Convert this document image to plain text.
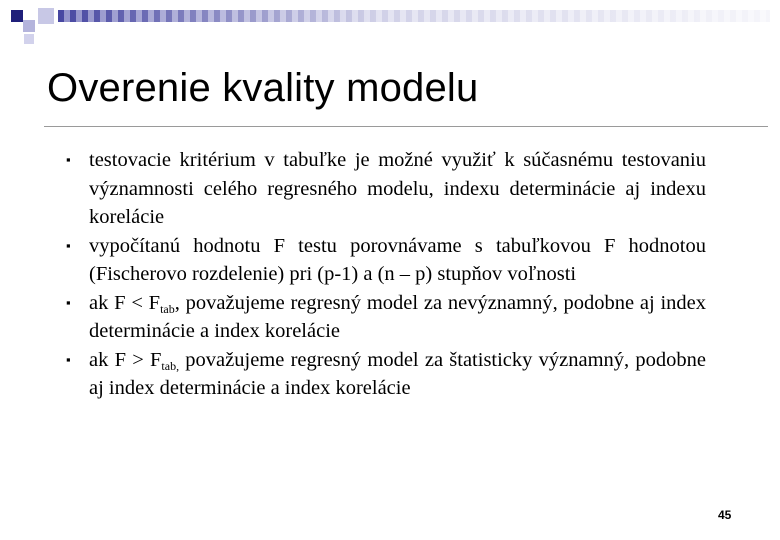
Overenie kvality modelu
▪ testovacie kritérium v tabuľke je možné využiť k súčasnému testovaniu významnosti celého regresného modelu, indexu determinácie aj indexu korelácie
▪ vypočítanú hodnotu F testu porovnávame s tabuľkovou F hodnotou (Fischerovo rozdelenie) pri (p-1) a (n – p) stupňov voľnosti
▪ ak $F < F_{tab}$, považujeme regresný model za nevýznamný, podobne aj index determinácie a index korelácie
▪ ak $F > F_{tab,}$ považujeme regresný model za štatisticky významný, podobne aj index determinácie a index korelácie
45
